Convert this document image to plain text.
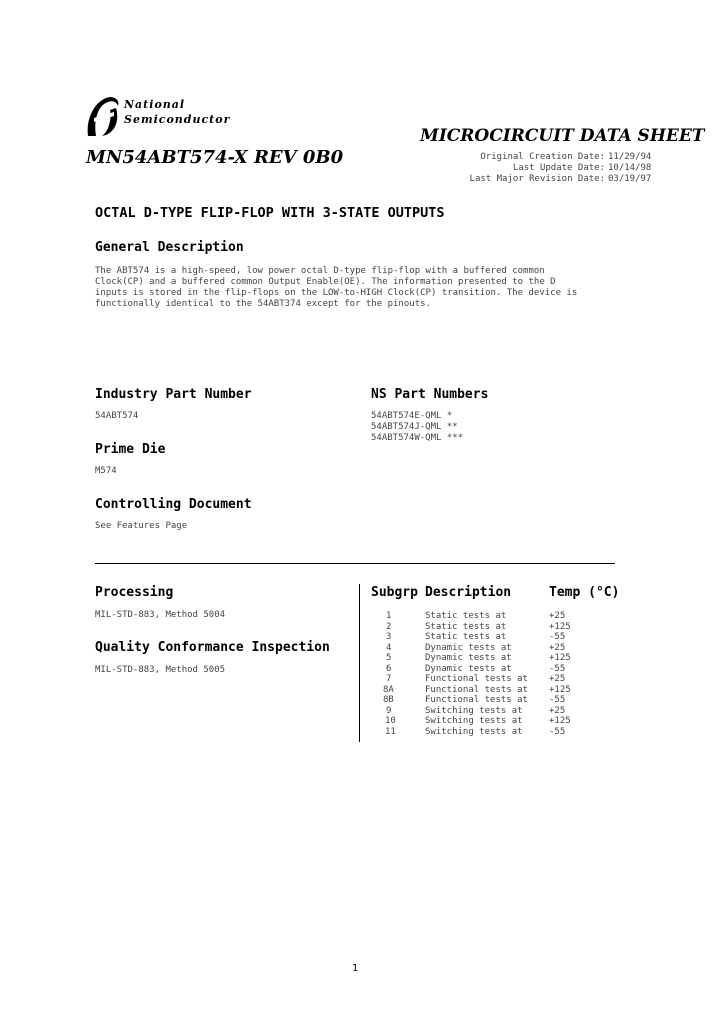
National
Semiconductor
MN54ABT574-X REV 0B0
MICROCIRCUIT DATA SHEET
Original Creation Date: 11/29/94
Last Update Date: 10/14/98
Last Major Revision Date: 03/19/97
OCTAL D-TYPE FLIP-FLOP WITH 3-STATE OUTPUTS
General Description
The ABT574 is a high-speed, low power octal D-type flip-flop with a buffered common
Clock(CP) and a buffered common Output Enable(OE). The information presented to the D
inputs is stored in the flip-flops on the LOW-to-HIGH Clock(CP) transition. The device is
functionally identical to the 54ABT374 except for the pinouts.
Industry Part Number
54ABT574
NS Part Numbers
54ABT574E-QML *
54ABT574J-QML **
54ABT574W-QML ***
Prime Die
M574
Controlling Document
See Features Page
Processing
MIL-STD-883, Method 5004
Quality Conformance Inspection
MIL-STD-883, Method 5005
Subgrp Description	Temp (°C)
1	Static tests at	+25
2	Static tests at	+125
3	Static tests at	-55
4	Dynamic tests at	+25
5	Dynamic tests at	+125
6	Dynamic tests at	-55
7	Functional tests at +25
8A	Functional tests at +125
8B	Functional tests at -55
9	Switching tests at	+25
10	Switching tests at	+125
11	Switching tests at	-55
1
